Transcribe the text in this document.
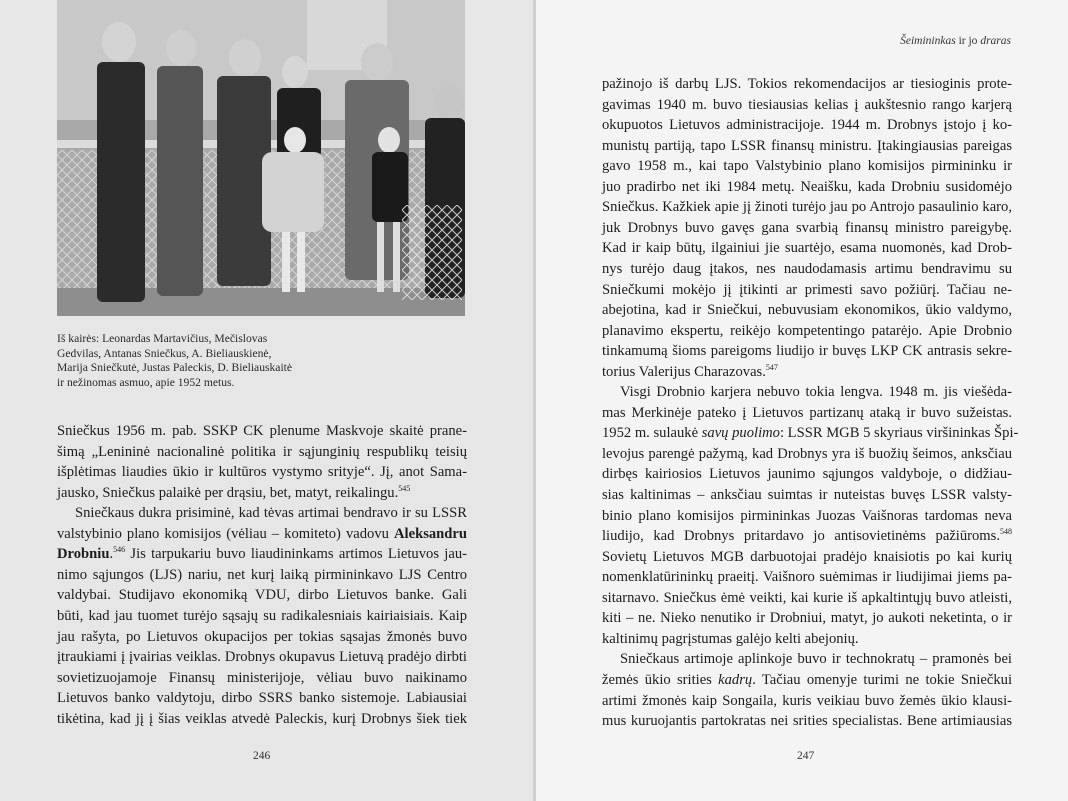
Iš kairės: Leonardas Martavičius, Mečislovas
Gedvilas, Antanas Sniečkus, A. Bieliauskienė,
Marija Sniečkutė, Justas Paleckis, D. Bieliauskaitė
ir nežinomas asmuo, apie 1952 metus.
Sniečkus 1956 m. pab. SSKP CK plenume Maskvoje skaitė prane-
šimą „Lenininė nacionalinė politika ir sąjunginių respublikų teisių
išplėtimas liaudies ūkio ir kultūros vystymo srityje“. Jį, anot Sama-
jausko, Sniečkus palaikė per drąsiu, bet, matyt, reikalingu.$^{545}$
Sniečkaus dukra prisiminė, kad tėvas artimai bendravo ir su LSSR
valstybinio plano komisijos (vėliau – komiteto) vadovu Aleksandru
Drobniu.$^{546}$ Jis tarpukariu buvo liaudininkams artimos Lietuvos jau-
nimo sąjungos (LJS) nariu, net kurį laiką pirmininkavo LJS Centro
valdybai. Studijavo ekonomiką VDU, dirbo Lietuvos banke. Gali
būti, kad jau tuomet turėjo sąsajų su radikalesniais kairiaisiais. Kaip
jau rašyta, po Lietuvos okupacijos per tokias sąsajas žmonės buvo
įtraukiami į įvairias veiklas. Drobnys okupavus Lietuvą pradėjo dirbti
sovietizuojamoje Finansų ministerijoje, vėliau buvo naikinamo
Lietuvos banko valdytoju, dirbo SSRS banko sistemoje. Labiausiai
tikėtina, kad jį į šias veiklas atvedė Paleckis, kurį Drobnys šiek tiek
246
Šeimininkas ir jo draras
pažinojo iš darbų LJS. Tokios rekomendacijos ar tiesioginis prote-
gavimas 1940 m. buvo tiesiausias kelias į aukštesnio rango karjerą
okupuotos Lietuvos administracijoje. 1944 m. Drobnys įstojo į ko-
munistų partiją, tapo LSSR finansų ministru. Įtakingiausias pareigas
gavo 1958 m., kai tapo Valstybinio plano komisijos pirmininku ir
juo pradirbo net iki 1984 metų. Neaišku, kada Drobniu susidomėjo
Sniečkus. Kažkiek apie jį žinoti turėjo jau po Antrojo pasaulinio karo,
juk Drobnys buvo gavęs gana svarbią finansų ministro pareigybę.
Kad ir kaip būtų, ilgainiui jie suartėjo, esama nuomonės, kad Drob-
nys turėjo daug įtakos, nes naudodamasis artimu bendravimu su
Sniečkumi mokėjo jį įtikinti ar primesti savo požiūrį. Tačiau ne-
abejotina, kad ir Sniečkui, nebuvusiam ekonomikos, ūkio valdymo,
planavimo ekspertu, reikėjo kompetentingo patarėjo. Apie Drobnio
tinkamumą šioms pareigoms liudijo ir buvęs LKP CK antrasis sekre-
torius Valerijus Charazovas.$^{547}$
Visgi Drobnio karjera nebuvo tokia lengva. 1948 m. jis viešėda-
mas Merkinėje pateko į Lietuvos partizanų ataką ir buvo sužeistas.
1952 m. sulaukė savų puolimo: LSSR MGB 5 skyriaus viršininkas Špi-
levojus parengė pažymą, kad Drobnys yra iš buožių šeimos, anksčiau
dirbęs kairiosios Lietuvos jaunimo sąjungos valdyboje, o didžiau-
sias kaltinimas – anksčiau suimtas ir nuteistas buvęs LSSR valsty-
binio plano komisijos pirmininkas Juozas Vaišnoras tardomas neva
liudijo, kad Drobnys pritardavo jo antisovietinėms pažiūroms.$^{548}$
Sovietų Lietuvos MGB darbuotojai pradėjo knaisiotis po kai kurių
nomenklatūrininkų praeitį. Vaišnoro suėmimas ir liudijimai jiems pa-
sitarnavo. Sniečkus ėmė veikti, kai kurie iš apkaltintųjų buvo atleisti,
kiti – ne. Nieko nenutiko ir Drobniui, matyt, jo aukoti neketinta, o ir
kaltinimų pagrįstumas galėjo kelti abejonių.
Sniečkaus artimoje aplinkoje buvo ir technokratų – pramonės bei
žemės ūkio srities kadrų. Tačiau omenyje turimi ne tokie Sniečkui
artimi žmonės kaip Songaila, kuris veikiau buvo žemės ūkio klausi-
mus kuruojantis partokratas nei srities specialistas. Bene artimiausias
247
